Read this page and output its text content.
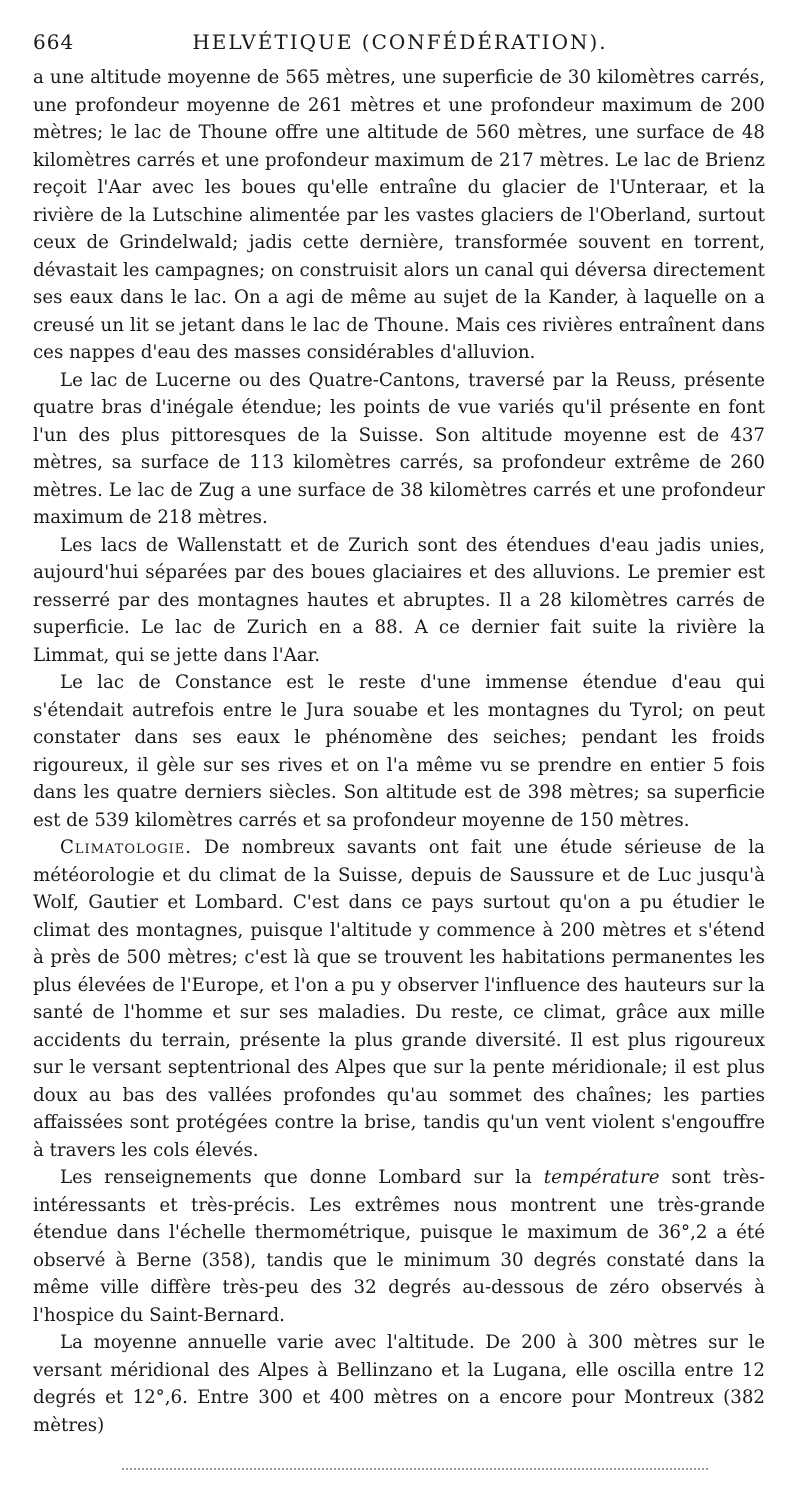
664	HELVÉTIQUE (CONFÉDÉRATION).

a une altitude moyenne de 565 mètres, une superficie de 30 kilomètres carrés, une profondeur moyenne de 261 mètres et une profondeur maximum de 200 mètres; le lac de Thoune offre une altitude de 560 mètres, une surface de 48 kilomètres carrés et une profondeur maximum de 217 mètres. Le lac de Brienz reçoit l'Aar avec les boues qu'elle entraîne du glacier de l'Unteraar, et la rivière de la Lutschine alimentée par les vastes glaciers de l'Oberland, surtout ceux de Grindelwald; jadis cette dernière, transformée souvent en torrent, dévastait les campagnes; on construisit alors un canal qui déversa directement ses eaux dans le lac. On a agi de même au sujet de la Kander, à laquelle on a creusé un lit se jetant dans le lac de Thoune. Mais ces rivières entraînent dans ces nappes d'eau des masses considérables d'alluvion.

Le lac de Lucerne ou des Quatre-Cantons, traversé par la Reuss, présente quatre bras d'inégale étendue; les points de vue variés qu'il présente en font l'un des plus pittoresques de la Suisse. Son altitude moyenne est de 437 mètres, sa surface de 113 kilomètres carrés, sa profondeur extrême de 260 mètres. Le lac de Zug a une surface de 38 kilomètres carrés et une profondeur maximum de 218 mètres.

Les lacs de Wallenstatt et de Zurich sont des étendues d'eau jadis unies, aujourd'hui séparées par des boues glaciaires et des alluvions. Le premier est resserré par des montagnes hautes et abruptes. Il a 28 kilomètres carrés de superficie. Le lac de Zurich en a 88. A ce dernier fait suite la rivière la Limmat, qui se jette dans l'Aar.

Le lac de Constance est le reste d'une immense étendue d'eau qui s'étendait autrefois entre le Jura souabe et les montagnes du Tyrol; on peut constater dans ses eaux le phénomène des seiches; pendant les froids rigoureux, il gèle sur ses rives et on l'a même vu se prendre en entier 5 fois dans les quatre derniers siècles. Son altitude est de 398 mètres; sa superficie est de 539 kilomètres carrés et sa profondeur moyenne de 150 mètres.

Climatologie. De nombreux savants ont fait une étude sérieuse de la météorologie et du climat de la Suisse, depuis de Saussure et de Luc jusqu'à Wolf, Gautier et Lombard. C'est dans ce pays surtout qu'on a pu étudier le climat des montagnes, puisque l'altitude y commence à 200 mètres et s'étend à près de 500 mètres; c'est là que se trouvent les habitations permanentes les plus élevées de l'Europe, et l'on a pu y observer l'influence des hauteurs sur la santé de l'homme et sur ses maladies. Du reste, ce climat, grâce aux mille accidents du terrain, présente la plus grande diversité. Il est plus rigoureux sur le versant septentrional des Alpes que sur la pente méridionale; il est plus doux au bas des vallées profondes qu'au sommet des chaînes; les parties affaissées sont protégées contre la brise, tandis qu'un vent violent s'engouffre à travers les cols élevés.

Les renseignements que donne Lombard sur la température sont très-intéressants et très-précis. Les extrêmes nous montrent une très-grande étendue dans l'échelle thermométrique, puisque le maximum de 36°,2 a été observé à Berne (358), tandis que le minimum 30 degrés constaté dans la même ville diffère très-peu des 32 degrés au-dessous de zéro observés à l'hospice du Saint-Bernard.

La moyenne annuelle varie avec l'altitude. De 200 à 300 mètres sur le versant méridional des Alpes à Bellinzano et la Lugana, elle oscilla entre 12 degrés et 12°,6. Entre 300 et 400 mètres on a encore pour Montreux (382 mètres)
